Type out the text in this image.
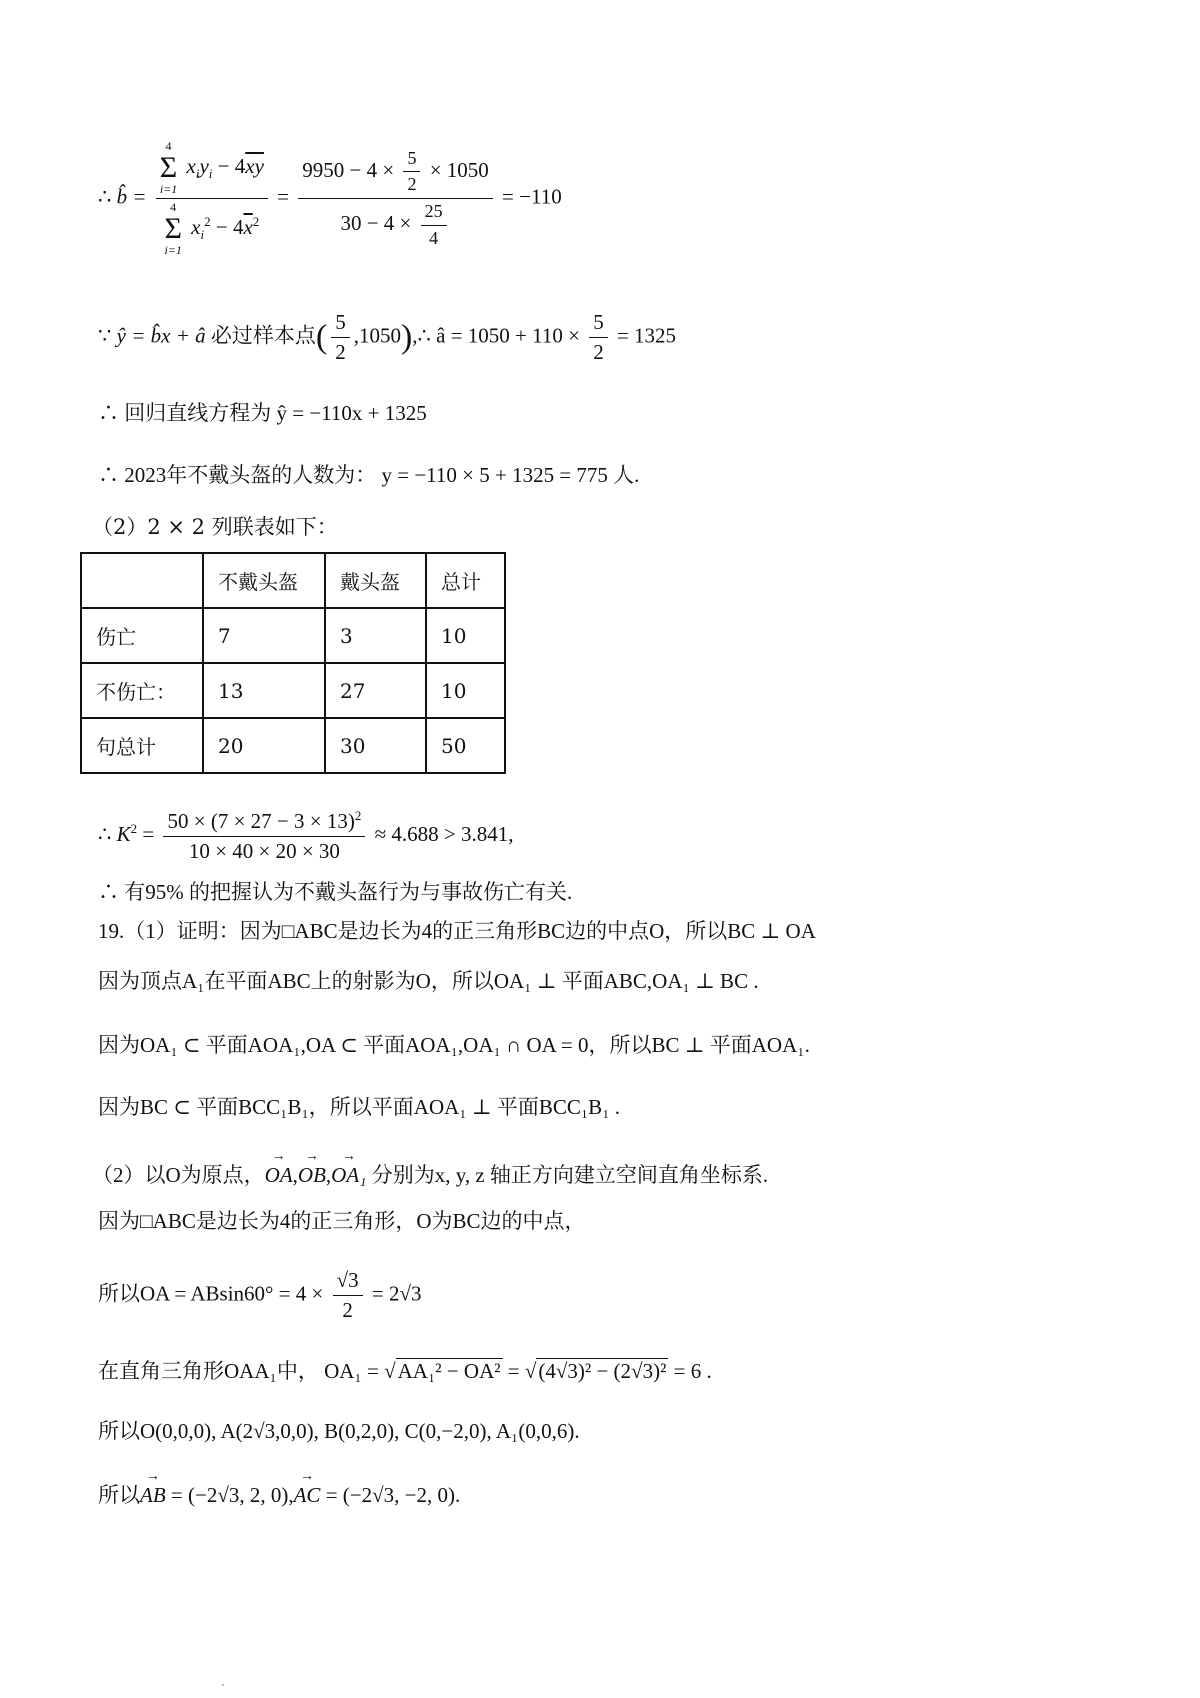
∴ b̂ = 4
Σ
i=1
$x_iy_i - 4\overline{xy}$
4
Σ
i=1
$x_i^2 - 4\overline{x}^2 = \frac{9950 - 4 \times \frac{5}{2} \times 1050}{30 - 4 \times \frac{25}{4}} = -110$
∵ ŷ = b̂x + â 必过样本点( $\frac{5}{2}$ ,1050),∴ â = $1050 + 110 \times \frac{5}{2} = 1325$
∴ 回归直线方程为 ŷ = −110x + 1325
∴ 2023年不戴头盔的人数为： y = −110 × 5 + 1325 = 775 人.
（2）2 × 2 列联表如下：
	不戴头盔	戴头盔	总计
伤亡	7	3	10
不伤亡：	13	27	10
句总计	20	30	50
∴ $K^2 = \frac{50 \times (7 \times 27 - 3 \times 13)^2}{10 \times 40 \times 20 \times 30} \approx 4.688 > 3.841$,
∴ 有95% 的把握认为不戴头盔行为与事故伤亡有关.
19.（1）证明：因为□ABC是边长为4的正三角形BC边的中点O，所以BC ⊥ OA
因为顶点A₁在平面ABC上的射影为O，所以OA₁ ⊥ 平面ABC,OA₁ ⊥ BC .
因为OA₁ ⊂ 平面AOA₁,OA ⊂ 平面AOA₁,OA₁ ∩ OA = 0，所以BC ⊥ 平面AOA₁.
因为BC ⊂ 平面BCC₁B₁，所以平面AOA₁ ⊥ 平面BCC₁B₁ .
（2）以O为原点，→ OA,→ OB,→ OA₁ 分别为x, y, z 轴正方向建立空间直角坐标系.
因为□ABC是边长为4的正三角形，O为BC边的中点，
所以OA = $ABsin60^\circ = 4 \times \frac{√3}{2} = 2√3$
在直角三角形OAA₁中， OA₁ = √AA₁² − OA² = √(4√3)² − (2√3)² = 6 .
所以O(0,0,0), A(2√3,0,0), B(0,2,0), C(0,−2,0), A₁(0,0,6).
所以→ AB = (−2√3, 2, 0),→ AC = (−2√3, −2, 0).
